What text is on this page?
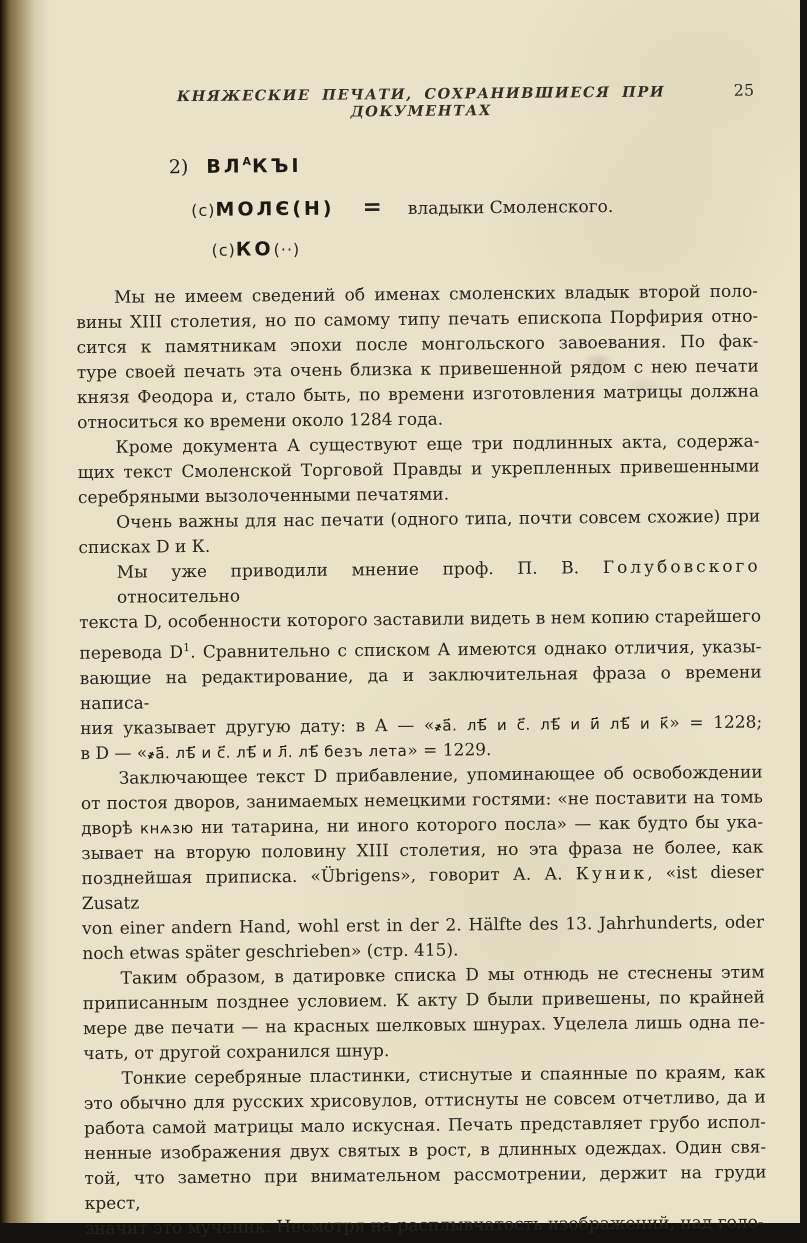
КНЯЖЕСКИЕ ПЕЧАТИ, СОХРАНИВШИЕСЯ ПРИ ДОКУМЕНТАХ
25
2) $ВЛ^АКЪІ$
(с)МОЛЄ(Н) = владыки Смоленского.
(с)КО(··)
Мы не имеем сведений об именах смоленских владык второй поло-
вины XIII столетия, но по самому типу печать епископа Порфирия отно-
сится к памятникам эпохи после монгольского завоевания. По фак-
туре своей печать эта очень близка к привешенной рядом с нею печати
князя Феодора и, стало быть, по времени изготовления матрицы должна
относиться ко времени около 1284 года.
Кроме документа А существуют еще три подлинных акта, содержа-
щих текст Смоленской Торговой Правды и укрепленных привешенными
серебряными вызолоченными печатями.
Очень важны для нас печати (одного типа, почти совсем схожие) при
списках D и К.
Мы уже приводили мнение проф. П. В. Голубовского относительно
текста D, особенности которого заставили видеть в нем копию старейшего
перевода $D^1$. Сравнительно с списком А имеются однако отличия, указы-
вающие на редактирование, да и заключительная фраза о времени написа-
ния указывает другую дату: в А — «҂а҃. лѣ҃ и с҃. лѣ҃ и и҃ лѣ҃ и к҃» = 1228;
в D — «҂а҃. лѣ҃ и с҃. лѣ҃ и л҃. лѣ҃ безъ лета» = 1229.
Заключающее текст D прибавление, упоминающее об освобождении
от постоя дворов, занимаемых немецкими гостями: «не поставити на томь
дворѣ кнѧзю ни татарина, ни иного которого посла» — как будто бы ука-
зывает на вторую половину XIII столетия, но эта фраза не более, как
позднейшая приписка. «Übrigens», говорит А. А. Куник, «ist dieser Zusatz
von einer andern Hand, wohl erst in der 2. Hälfte des 13. Jahrhunderts, oder
noch etwas später geschrieben» (стр. 415).
Таким образом, в датировке списка D мы отнюдь не стеснены этим
приписанным позднее условием. К акту D были привешены, по крайней
мере две печати — на красных шелковых шнурах. Уцелела лишь одна пе-
чать, от другой сохранился шнур.
Тонкие серебряные пластинки, стиснутые и спаянные по краям, как
это обычно для русских хрисовулов, оттиснуты не совсем отчетливо, да и
работа самой матрицы мало искусная. Печать представляет грубо испол-
ненные изображения двух святых в рост, в длинных одеждах. Один свя-
той, что заметно при внимательном рассмотрении, держит на груди крест,
значит это мученик. Несмотря на расплывчатость изображений, над голо-
